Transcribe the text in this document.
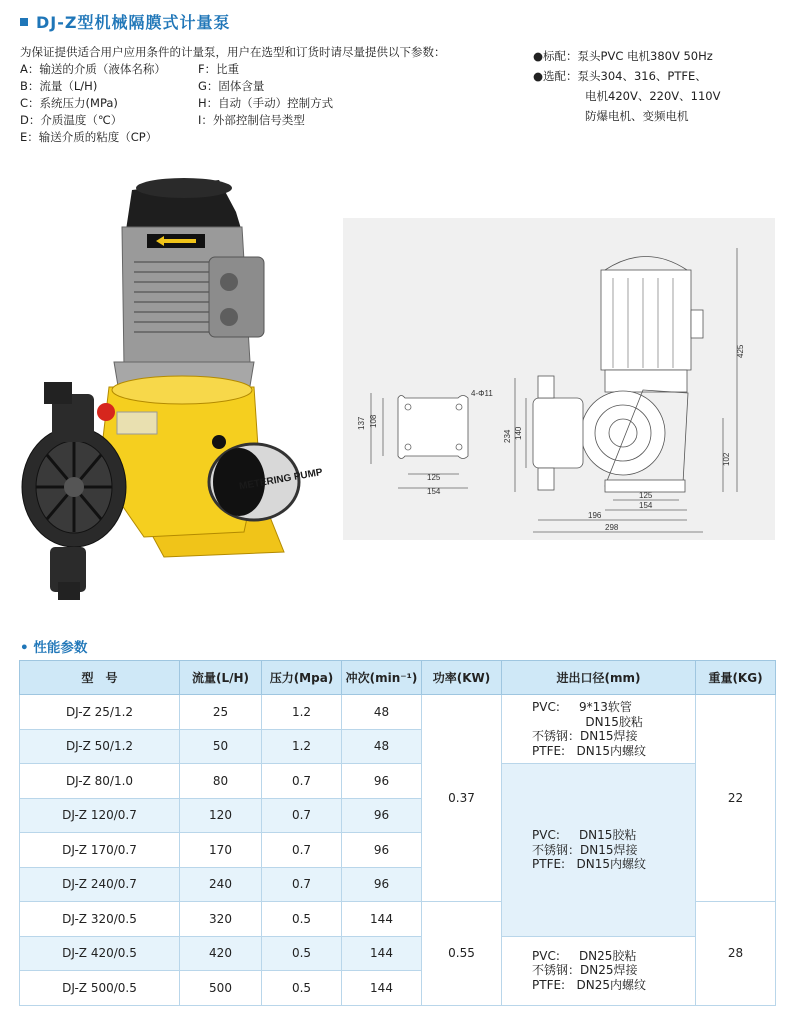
DJ-Z型机械隔膜式计量泵
为保证提供适合用户应用条件的计量泵，用户在选型和订货时请尽量提供以下参数：
A：输送的介质（液体名称）	F：比重
B：流量（L/H)	G：固体含量
C：系统压力(MPa)	H：自动（手动）控制方式
D：介质温度（℃）	I：外部控制信号类型
E：输送介质的粘度（CP）
●标配：泵头PVC 电机380V 50Hz
●选配：泵头304、316、PTFE、
电机420V、220V、110V
防爆电机、变频电机
METERING PUMP
108
137
125
154
4-Φ11
425
102
234 140
125
154
196
298
• 性能参数
型　号	流量(L/H)	压力(Mpa)	冲次(min⁻¹)	功率(KW)	进出口径(mm)	重量(KG)
DJ-Z 25/1.2	25	1.2	48	0.37	PVC:     9*13软管
DN15胶粘
不锈钢：DN15焊接
PTFE:   DN15内螺纹	22
DJ-Z 50/1.2	50	1.2	48			
DJ-Z 80/1.0	80	0.7	96		PVC:     DN15胶粘
不锈钢：DN15焊接
PTFE:   DN15内螺纹	

DJ-Z 120/0.7	120	0.7	96			
DJ-Z 170/0.7	170	0.7	96			
DJ-Z 240/0.7	240	0.7	96			
DJ-Z 320/0.5	320	0.5	144	0.55		28
DJ-Z 420/0.5	420	0.5	144		PVC:     DN25胶粘
不锈钢：DN25焊接
PTFE:   DN25内螺纹	

DJ-Z 500/0.5	500	0.5	144			
